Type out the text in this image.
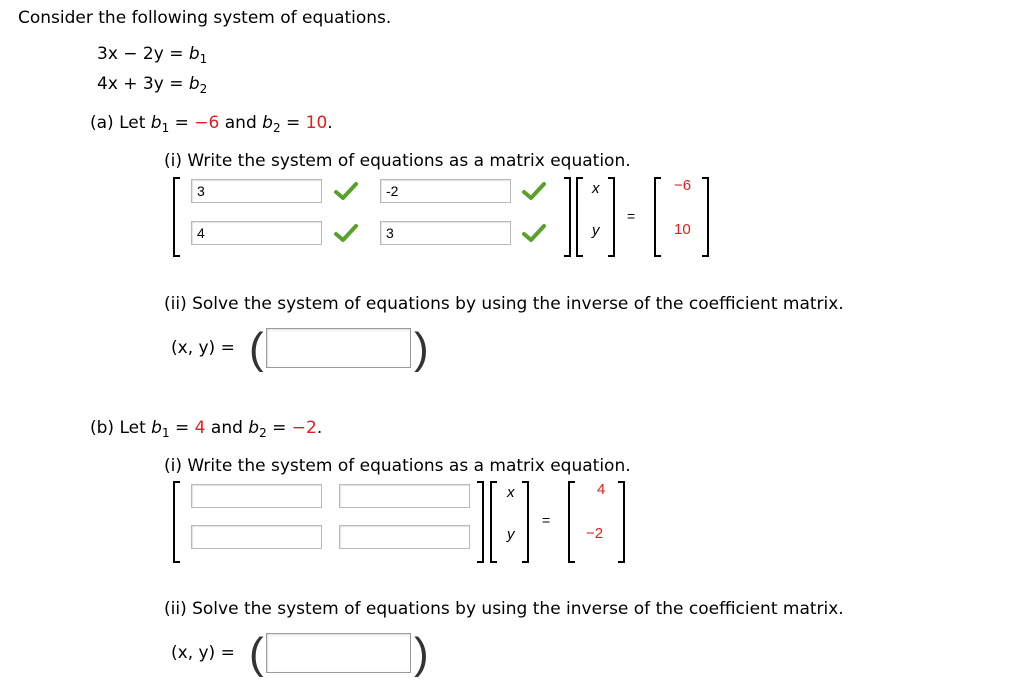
Consider the following system of equations.
$3x - 2y = b_1$
$4x + 3y = b_2$
(a) Let $b_1 = -6$ and $b_2 = 10$.
(i) Write the system of equations as a matrix equation.
3
-2
4
3
x
y
=
−6
10
(ii) Solve the system of equations by using the inverse of the coefficient matrix.
(x, y) = (	)
(b) Let $b_1 = 4$ and $b_2 = -2$.
(i) Write the system of equations as a matrix equation.
x
y
=
4
−2
(ii) Solve the system of equations by using the inverse of the coefficient matrix.
(x, y) = (	)
